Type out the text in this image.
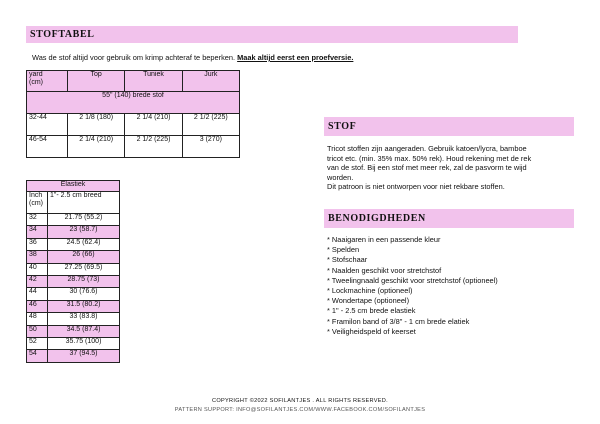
STOFTABEL
Was de stof altijd voor gebruik om krimp achteraf te beperken. Maak altijd eerst een proefversie.
yard
(cm)	Top	Tuniek	Jurk
55" (140) brede stof			
32-44	2 1/8 (180)	2 1/4 (210)	2 1/2 (225)
46-54	2 1/4 (210)	2 1/2 (225)	3 (270)
Elastiek	
Inch
(cm)	1"- 2.5 cm breed
32	21.75 (55.2)
34	23 (58.7)
36	24.5 (62.4)
38	26 (66)
40	27.25 (69.5)
42	28.75 (73)
44	30 (76.6)
46	31.5 (80.2)
48	33 (83.8)
50	34.5 (87.4)
52	35.75 (100)
54	37 (94.5)
STOF
Tricot stoffen zijn aangeraden. Gebruik katoen/lycra, bamboe
tricot etc. (min. 35% max. 50% rek). Houd rekening met de rek
van de stof. Bij een stof met meer rek, zal de pasvorm te wijd
worden.
Dit patroon is niet ontworpen voor niet rekbare stoffen.
BENODIGDHEDEN
* Naaigaren in een passende kleur
* Spelden
* Stofschaar
* Naalden geschikt voor stretchstof
* Tweelingnaald geschikt voor stretchstof (optioneel)
* Lockmachine (optioneel)
* Wondertape (optioneel)
* 1" - 2.5 cm brede elastiek
* Framilon band of 3/8" - 1 cm brede elatiek
* Veiligheidspeld of keerset
COPYRIGHT ©2022 SOFILANTJES . ALL RIGHTS RESERVED.
PATTERN SUPPORT: INFO@SOFILANTJES.COM/WWW.FACEBOOK.COM/SOFILANTJES
